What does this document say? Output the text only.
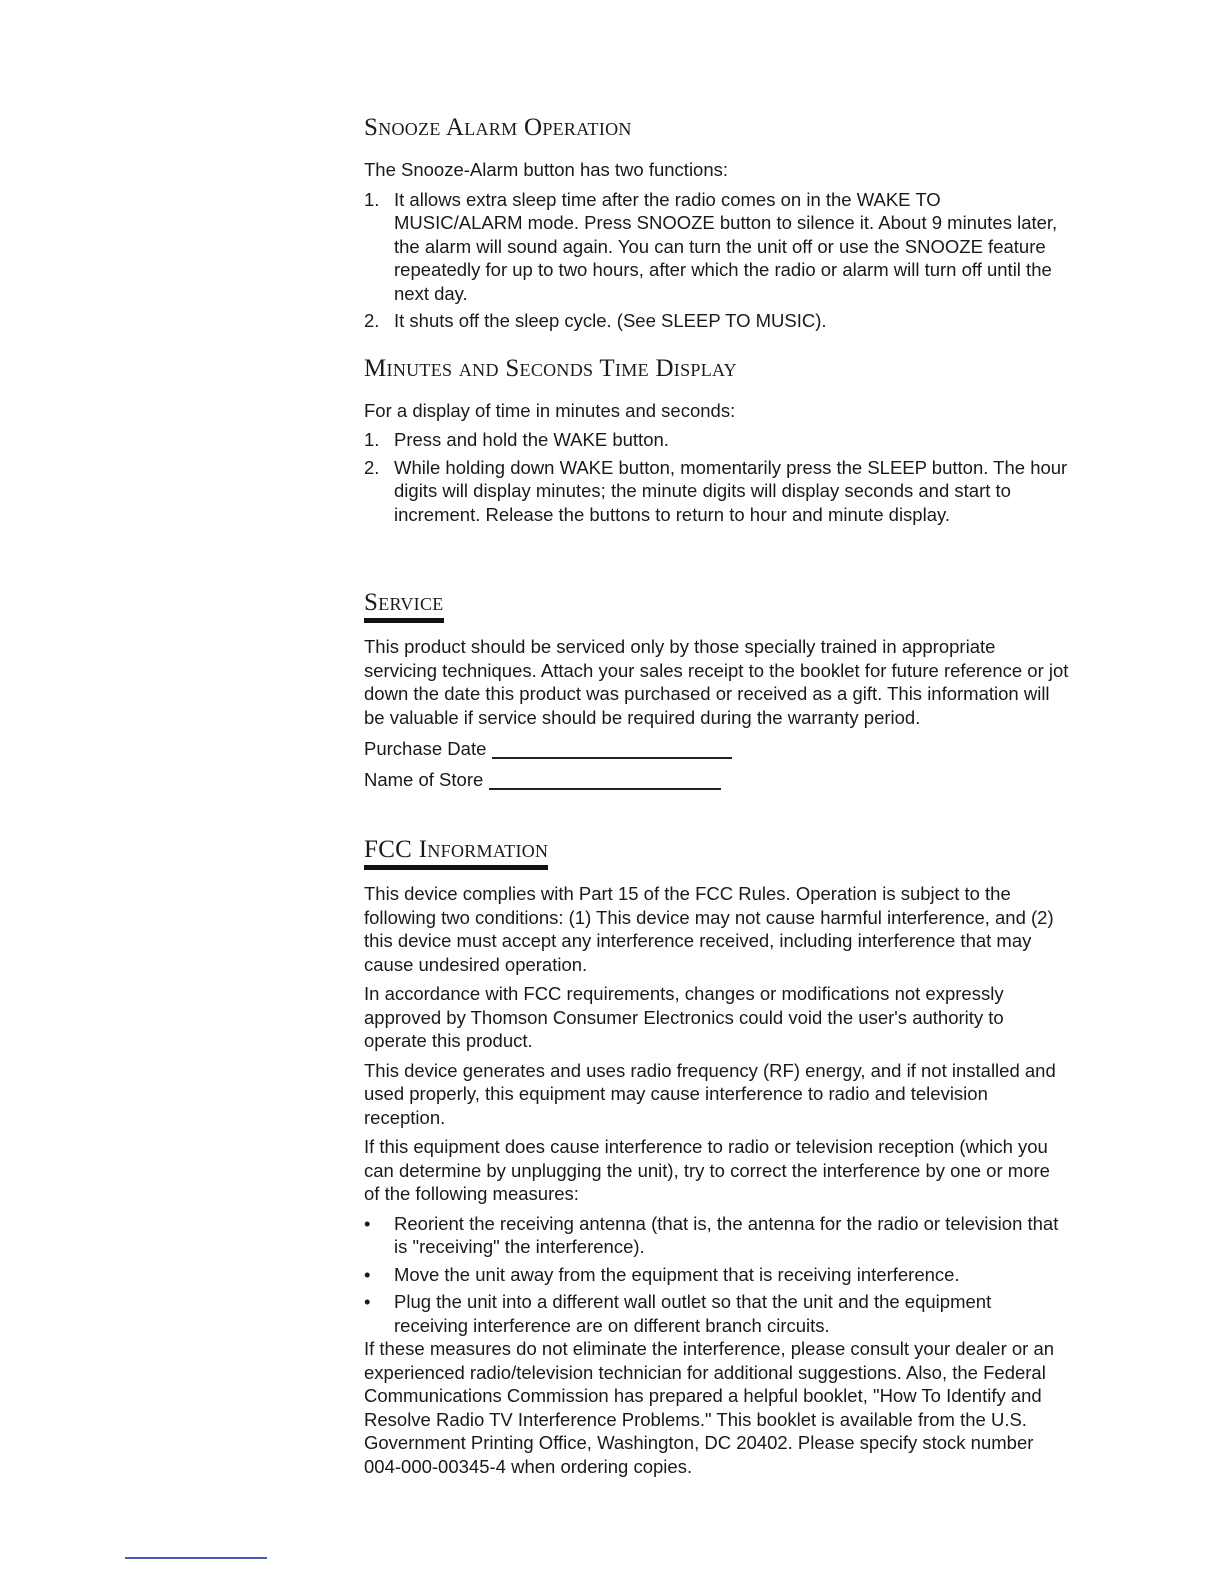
Snooze Alarm Operation

The Snooze-Alarm button has two functions:

1. It allows extra sleep time after the radio comes on in the WAKE TO MUSIC/ALARM mode. Press SNOOZE button to silence it. About 9 minutes later, the alarm will sound again. You can turn the unit off or use the SNOOZE feature repeatedly for up to two hours, after which the radio or alarm will turn off until the next day.
2. It shuts off the sleep cycle. (See SLEEP TO MUSIC).
Minutes and Seconds Time Display

For a display of time in minutes and seconds:

1. Press and hold the WAKE button.
2. While holding down WAKE button, momentarily press the SLEEP button. The hour digits will display minutes; the minute digits will display seconds and start to increment. Release the buttons to return to hour and minute display.
Service

This product should be serviced only by those specially trained in appropriate servicing techniques. Attach your sales receipt to the booklet for future reference or jot down the date this product was purchased or received as a gift. This information will be valuable if service should be required during the warranty period.

Purchase Date
Name of Store
FCC Information

This device complies with Part 15 of the FCC Rules. Operation is subject to the following two conditions: (1) This device may not cause harmful interference, and (2) this device must accept any interference received, including interference that may cause undesired operation.

In accordance with FCC requirements, changes or modifications not expressly approved by Thomson Consumer Electronics could void the user's authority to operate this product.

This device generates and uses radio frequency (RF) energy, and if not installed and used properly, this equipment may cause interference to radio and television reception.

If this equipment does cause interference to radio or television reception (which you can determine by unplugging the unit), try to correct the interference by one or more of the following measures:

• Reorient the receiving antenna (that is, the antenna for the radio or television that is "receiving" the interference).
• Move the unit away from the equipment that is receiving interference.
• Plug the unit into a different wall outlet so that the unit and the equipment receiving interference are on different branch circuits.

If these measures do not eliminate the interference, please consult your dealer or an experienced radio/television technician for additional suggestions. Also, the Federal Communications Commission has prepared a helpful booklet, "How To Identify and Resolve Radio TV Interference Problems." This booklet is available from the U.S. Government Printing Office, Washington, DC 20402. Please specify stock number 004-000-00345-4 when ordering copies.
